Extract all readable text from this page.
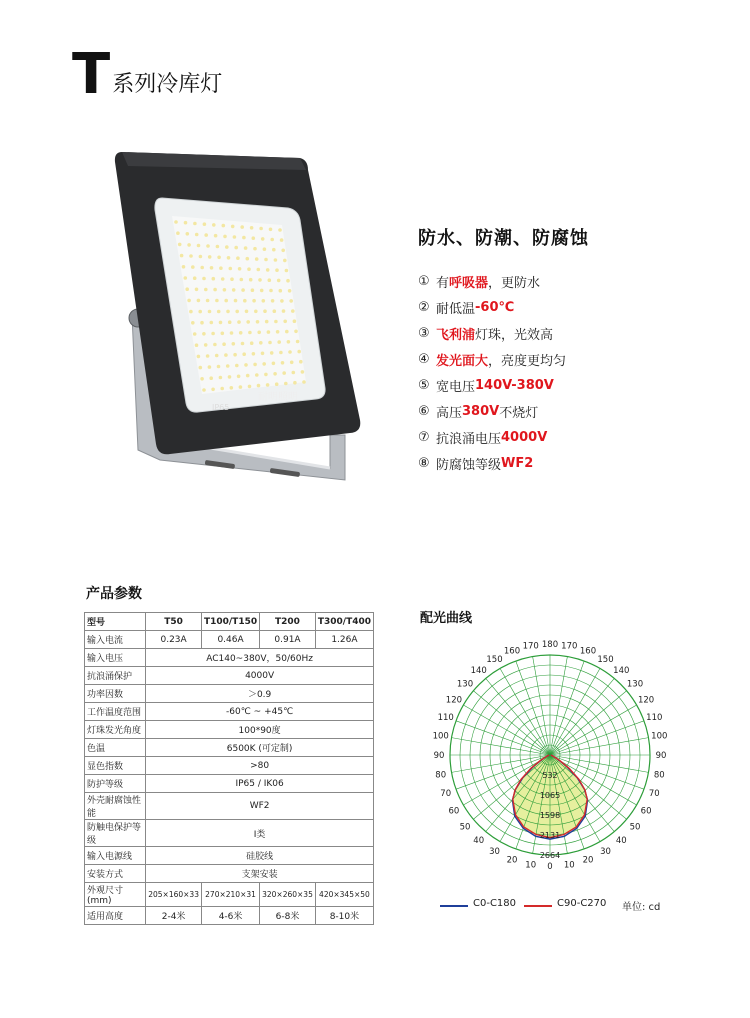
T 系列冷库灯
IP65
耐明照明
防水、防潮、防腐蚀
① 有 呼吸器 ，更防水
② 耐低温 -60℃
③ 飞利浦 灯珠，光效高
④ 发光面大 ，亮度更均匀
⑤ 宽电压 140V-380V
⑥ 高压 380V 不烧灯
⑦ 抗浪涌电压 4000V
⑧ 防腐蚀等级 WF2
产品参数
型号	T50	T100/T150	T200	T300/T400
输入电流	0.23A	0.46A	0.91A	1.26A
输入电压	AC140~380V，50/60Hz			
抗浪涌保护	4000V			
功率因数	＞0.9			
工作温度范围	-60℃ ~ +45℃			
灯珠发光角度	100*90度			
色温	6500K (可定制)			
显色指数	>80			
防护等级	IP65 / IK06			
外壳耐腐蚀性能	WF2			
防触电保护等级	I类			
输入电源线	硅胶线			
安装方式	支架安装			
外观尺寸(mm)	205×160×33	270×210×31	320×260×35	420×345×50
适用高度	2-4米	4-6米	6-8米	8-10米
配光曲线
180 170
170	160
160
150
150
140
140
130
130
120
120
110
110
100
100
90
90
80
80
70
70
60
60
50
50
40
40
30
30
20
20	10
10 0
532
1065
1598
2131
2664
C0-C180	C90-C270 单位: cd
